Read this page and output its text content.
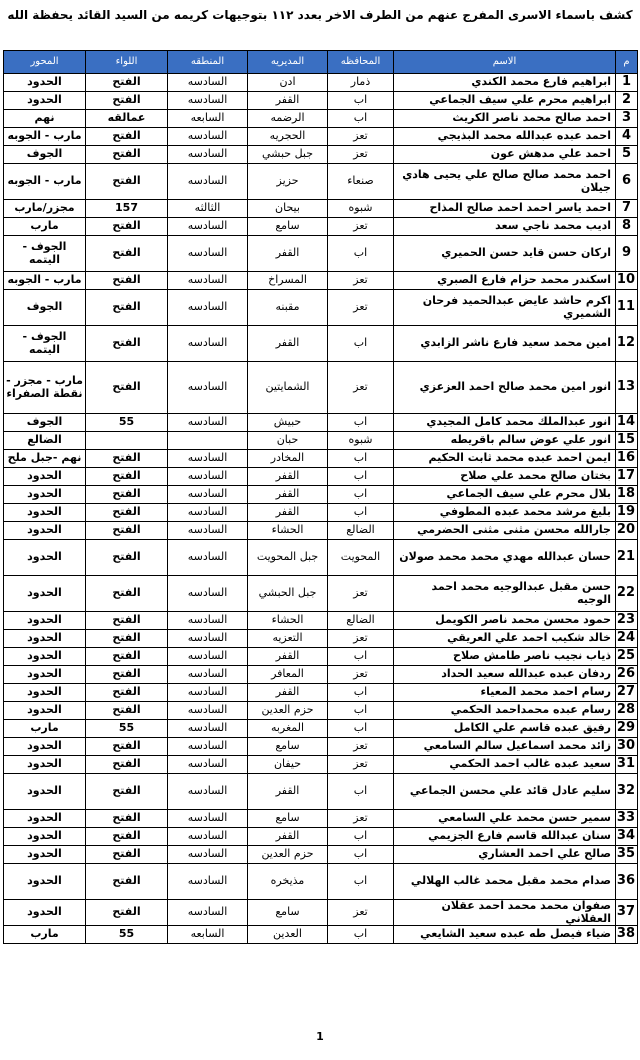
كشف باسماء الاسرى المفرج عنهم من الطرف الاخر بعدد ١١٢ بتوجيهات كريمه من السيد القائد يحفظة الله
م	الاسم	المحافظه	المديريه	المنطقه	اللواء	المحور
1	ابراهيم فارع محمد الكندي	ذمار	ادن	السادسه	الفتح	الحدود
2	ابراهيم محرم علي سيف الجماعي	اب	القفر	السادسه	الفتح	الحدود
3	احمد صالح محمد ناصر الكريث	اب	الرضمه	السابعه	عمالقه	نهم
4	احمد عبده عبدالله محمد البذيجي	تعز	الحجريه	السادسه	الفتح	مارب - الجوبه
5	احمد علي مدهش عون	تعز	جبل حبشي	السادسه	الفتح	الجوف
6	احمد محمد صالح صالح علي يحيى هادي جيلان	صنعاء	حزيز	السادسه	الفتح	مارب - الجوبه
7	احمد ياسر احمد احمد صالح المذاح	شبوه	بيحان	الثالثه	157	مجزر/مارب
8	اديب محمد ناجي سعد	تعز	سامع	السادسه	الفتح	مارب
9	اركان حسن قايد حسن الحميري	اب	القفر	السادسه	الفتح	الجوف - اليتمه
10	اسكندر محمد حزام فارع الصبري	تعز	المسراخ	السادسه	الفتح	مارب - الجوبه
11	اكرم حاشد عايض عبدالحميد فرحان الشميري	تعز	مقبنه	السادسه	الفتح	الجوف
12	امين محمد سعيد فارع ناشر الزابدي	اب	القفر	السادسه	الفتح	الجوف - اليتمه
13	انور امين محمد صالح احمد العزعزي	تعز	الشمايتين	السادسه	الفتح	مارب - مجزر - نقطة الصفراء
14	انور عبدالملك محمد كامل المجيدي	اب	حبيش	السادسه	55	الجوف
15	انور علي عوض سالم باقريطه	شبوه	حبان			الضالع
16	ايمن احمد عبده محمد ثابت الحكيم	اب	المخادر	السادسه	الفتح	نهم -جبل ملح
17	بختان صالح محمد علي صلاح	اب	القفر	السادسه	الفتح	الحدود
18	بلال محرم علي سيف الجماعي	اب	القفر	السادسه	الفتح	الحدود
19	بليغ مرشد محمد عبده المطوفي	اب	القفر	السادسه	الفتح	الحدود
20	جارالله محسن مثنى مثنى الحضرمي	الضالع	الحشاء	السادسه	الفتح	الحدود
21	حسان عبدالله مهدي محمد محمد صولان	المحويت	جبل المحويت	السادسه	الفتح	الحدود
22	حسن مقبل عبدالوجيه محمد احمد الوجيه	تعز	جبل الحبشي	السادسه	الفتح	الحدود
23	حمود محسن محمد ناصر الكويمل	الضالع	الحشاء	السادسه	الفتح	الحدود
24	خالد شكيب احمد علي العريقي	تعز	التعزيه	السادسه	الفتح	الحدود
25	ذياب نجيب ناصر طامش صلاح	اب	القفر	السادسه	الفتح	الحدود
26	ردفان عبده عبدالله سعيد الحداد	تعز	المعافر	السادسه	الفتح	الحدود
27	رسام احمد محمد المعياء	اب	القفر	السادسه	الفتح	الحدود
28	رسام عبده محمداحمد الحكمي	اب	حزم العدين	السادسه	الفتح	الحدود
29	رفيق عبده قاسم علي الكامل	اب	المغربه	السادسه	55	مارب
30	زائد محمد اسماعيل سالم السامعي	تعز	سامع	السادسه	الفتح	الحدود
31	سعيد عبده غالب احمد الحكمي	تعز	حيفان	السادسه	الفتح	الحدود
32	سليم عادل قائد علي محسن الجماعي	اب	القفر	السادسه	الفتح	الحدود
33	سمير حسن محمد علي السامعي	تعز	سامع	السادسه	الفتح	الحدود
34	سنان عبدالله قاسم فارع الجزيمي	اب	القفر	السادسه	الفتح	الحدود
35	صالح علي احمد العشاري	اب	حزم العدين	السادسه	الفتح	الحدود
36	صدام محمد مقبل محمد غالب الهلالي	اب	مذيخره	السادسه	الفتح	الحدود
37	صفوان محمد محمد احمد عقلان العقلاني	تعز	سامع	السادسه	الفتح	الحدود
38	ضياء فيصل طه عبده سعيد الشايعي	اب	العدين	السابعه	55	مارب
1
